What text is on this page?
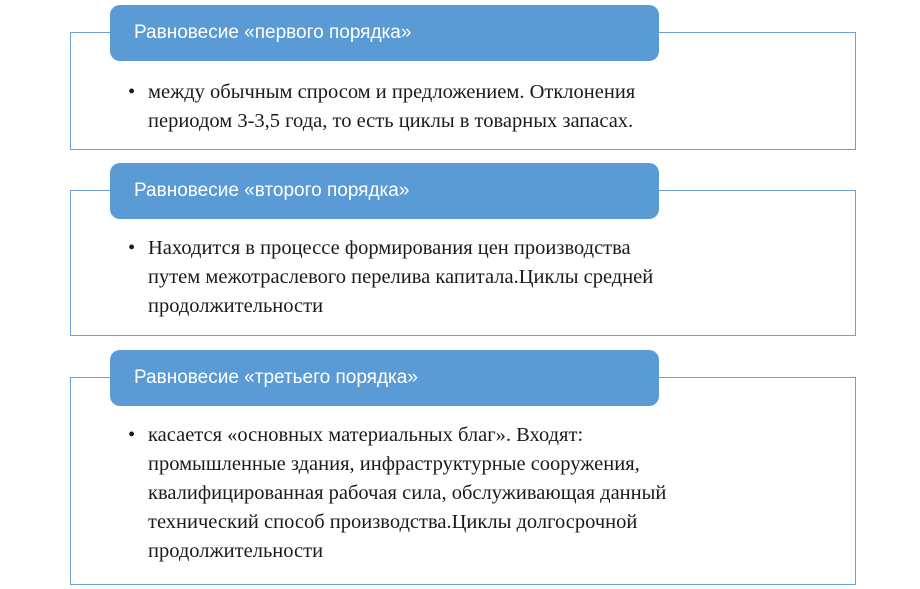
Равновесие «первого порядка»
• между обычным спросом и предложением. Отклонения
периодом 3-3,5 года, то есть циклы в товарных запасах.
Равновесие «второго порядка»
• Находится в процессе формирования цен производства
путем межотраслевого перелива капитала.Циклы средней
продолжительности
Равновесие «третьего порядка»
• касается «основных материальных благ». Входят:
промышленные здания, инфраструктурные сооружения,
квалифицированная рабочая сила, обслуживающая данный
технический способ производства.Циклы долгосрочной
продолжительности
